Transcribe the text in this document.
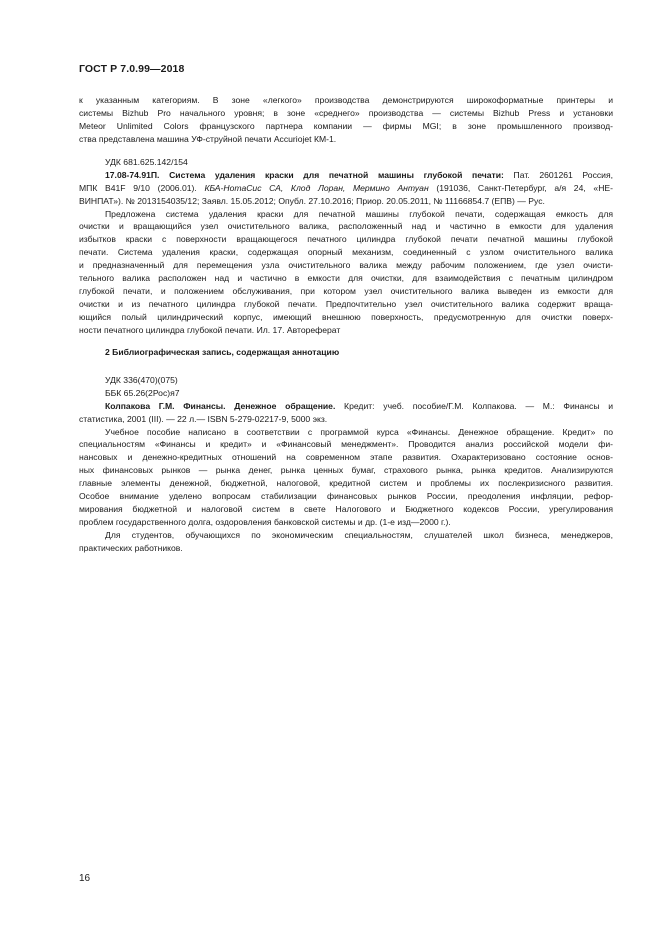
ГОСТ Р 7.0.99—2018
к указанным категориям. В зоне «легкого» производства демонстрируются широкоформатные принтеры и
системы Bizhub Pro начального уровня; в зоне «среднего» производства — системы Bizhub Press и установки
Meteor Unlimited Colors французского партнера компании — фирмы MGI; в зоне промышленного производ-
ства представлена машина УФ-струйной печати Accuriojet КМ-1.
УДК 681.625.142/154
17.08-74.91П. Система удаления краски для печатной машины глубокой печати: Пат. 2601261 Россия,
МПК В41F 9/10 (2006.01). КБА-НотаСис СА, Клод Лоран, Мермино Антуан (191036, Санкт-Петербург, а/я 24, «НЕ-
ВИНПАТ»). № 2013154035/12; Заявл. 15.05.2012; Опубл. 27.10.2016; Приор. 20.05.2011, № 11166854.7 (ЕПВ) — Рус.
Предложена система удаления краски для печатной машины глубокой печати, содержащая емкость для
очистки и вращающийся узел очистительного валика, расположенный над и частично в емкости для удаления
избытков краски с поверхности вращающегося печатного цилиндра глубокой печати печатной машины глубокой
печати. Система удаления краски, содержащая опорный механизм, соединенный с узлом очистительного валика
и предназначенный для перемещения узла очистительного валика между рабочим положением, где узел очисти-
тельного валика расположен над и частично в емкости для очистки, для взаимодействия с печатным цилиндром
глубокой печати, и положением обслуживания, при котором узел очистительного валика выведен из емкости для
очистки и из печатного цилиндра глубокой печати. Предпочтительно узел очистительного валика содержит враща-
ющийся полый цилиндрический корпус, имеющий внешнюю поверхность, предусмотренную для очистки поверх-
ности печатного цилиндра глубокой печати. Ил. 17. Автореферат
2 Библиографическая запись, содержащая аннотацию
УДК 336(470)(075)
ББК 65.26(2Рос)я7
Колпакова Г.М. Финансы. Денежное обращение. Кредит: учеб. пособие/Г.М. Колпакова. — М.: Финансы и
статистика, 2001 (III). — 22 л.— ISBN 5-279-02217-9, 5000 экз.
Учебное пособие написано в соответствии с программой курса «Финансы. Денежное обращение. Кредит» по
специальностям «Финансы и кредит» и «Финансовый менеджмент». Проводится анализ российской модели фи-
нансовых и денежно-кредитных отношений на современном этапе развития. Охарактеризовано состояние основ-
ных финансовых рынков — рынка денег, рынка ценных бумаг, страхового рынка, рынка кредитов. Анализируются
главные элементы денежной, бюджетной, налоговой, кредитной систем и проблемы их послекризисного развития.
Особое внимание уделено вопросам стабилизации финансовых рынков России, преодоления инфляции, рефор-
мирования бюджетной и налоговой систем в свете Налогового и Бюджетного кодексов России, урегулирования
проблем государственного долга, оздоровления банковской системы и др. (1-е изд—2000 г.).
Для студентов, обучающихся по экономическим специальностям, слушателей школ бизнеса, менеджеров,
практических работников.
16
